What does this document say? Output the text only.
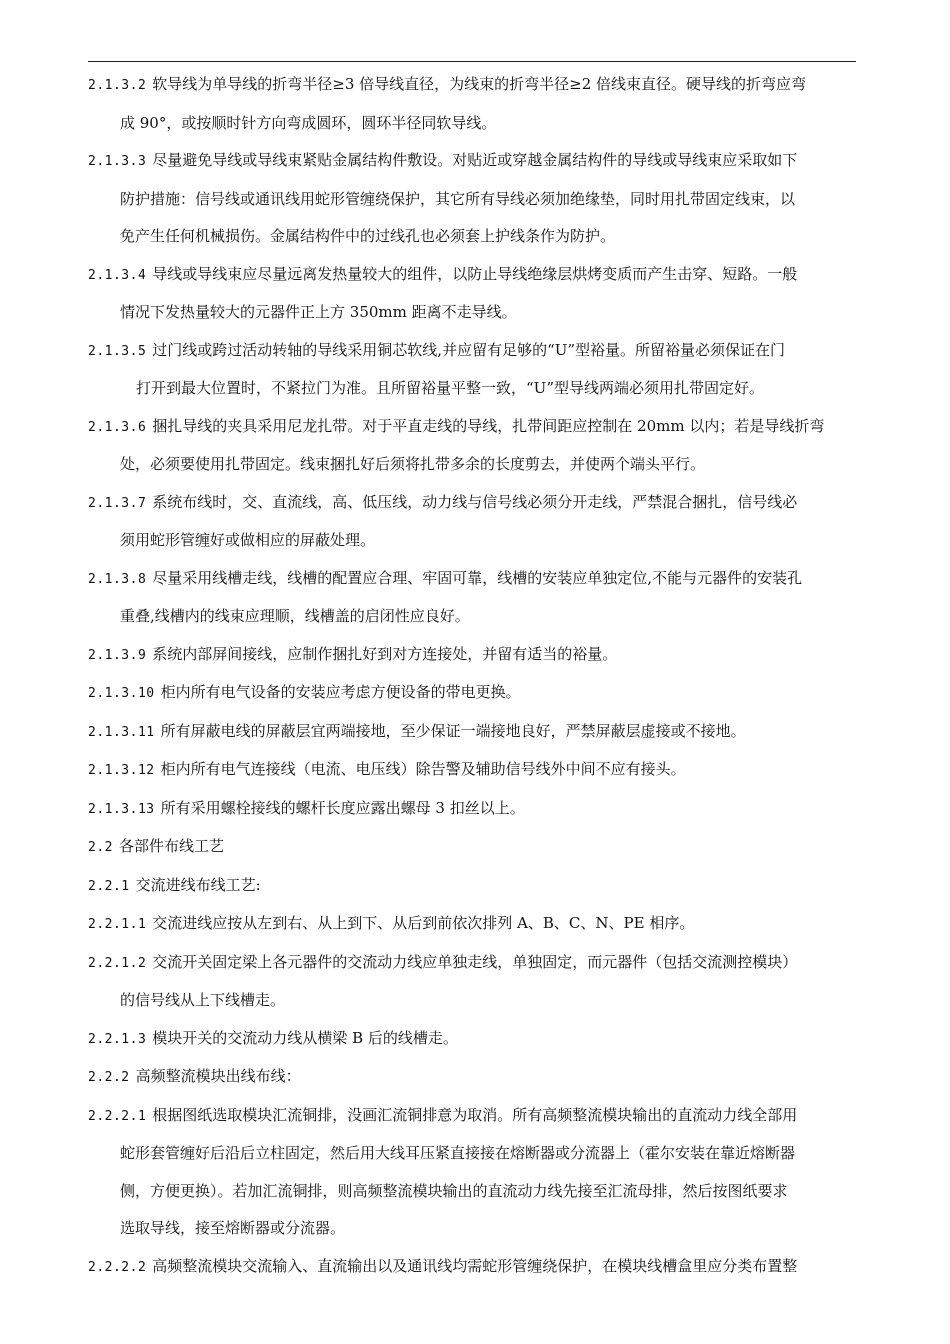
2.1.3.2 软导线为单导线的折弯半径≥3 倍导线直径，为线束的折弯半径≥2 倍线束直径。硬导线的折弯应弯
成 90°，或按顺时针方向弯成圆环，圆环半径同软导线。
2.1.3.3 尽量避免导线或导线束紧贴金属结构件敷设。对贴近或穿越金属结构件的导线或导线束应采取如下
防护措施：信号线或通讯线用蛇形管缠绕保护，其它所有导线必须加绝缘垫，同时用扎带固定线束，以
免产生任何机械损伤。金属结构件中的过线孔也必须套上护线条作为防护。
2.1.3.4 导线或导线束应尽量远离发热量较大的组件，以防止导线绝缘层烘烤变质而产生击穿、短路。一般
情况下发热量较大的元器件正上方 350mm 距离不走导线。
2.1.3.5 过门线或跨过活动转轴的导线采用铜芯软线,并应留有足够的“U”型裕量。所留裕量必须保证在门
打开到最大位置时，不紧拉门为准。且所留裕量平整一致，“U”型导线两端必须用扎带固定好。
2.1.3.6 捆扎导线的夹具采用尼龙扎带。对于平直走线的导线，扎带间距应控制在 20mm 以内；若是导线折弯
处，必须要使用扎带固定。线束捆扎好后须将扎带多余的长度剪去，并使两个端头平行。
2.1.3.7 系统布线时，交、直流线，高、低压线，动力线与信号线必须分开走线，严禁混合捆扎，信号线必
须用蛇形管缠好或做相应的屏蔽处理。
2.1.3.8 尽量采用线槽走线，线槽的配置应合理、牢固可靠，线槽的安装应单独定位,不能与元器件的安装孔
重叠,线槽内的线束应理顺，线槽盖的启闭性应良好。
2.1.3.9 系统内部屏间接线，应制作捆扎好到对方连接处，并留有适当的裕量。
2.1.3.10 柜内所有电气设备的安装应考虑方便设备的带电更换。
2.1.3.11 所有屏蔽电线的屏蔽层宜两端接地，至少保证一端接地良好，严禁屏蔽层虚接或不接地。
2.1.3.12 柜内所有电气连接线（电流、电压线）除告警及辅助信号线外中间不应有接头。
2.1.3.13 所有采用螺栓接线的螺杆长度应露出螺母 3 扣丝以上。
2.2 各部件布线工艺
2.2.1 交流进线布线工艺:
2.2.1.1 交流进线应按从左到右、从上到下、从后到前依次排列 A、B、C、N、PE 相序。
2.2.1.2 交流开关固定梁上各元器件的交流动力线应单独走线，单独固定，而元器件（包括交流测控模块）
的信号线从上下线槽走。
2.2.1.3 模块开关的交流动力线从横梁 B 后的线槽走。
2.2.2 高频整流模块出线布线：
2.2.2.1 根据图纸选取模块汇流铜排，没画汇流铜排意为取消。所有高频整流模块输出的直流动力线全部用
蛇形套管缠好后沿后立柱固定，然后用大线耳压紧直接接在熔断器或分流器上（霍尔安装在靠近熔断器
侧，方便更换）。若加汇流铜排，则高频整流模块输出的直流动力线先接至汇流母排，然后按图纸要求
选取导线，接至熔断器或分流器。
2.2.2.2 高频整流模块交流输入、直流输出以及通讯线均需蛇形管缠绕保护，在模块线槽盒里应分类布置整
